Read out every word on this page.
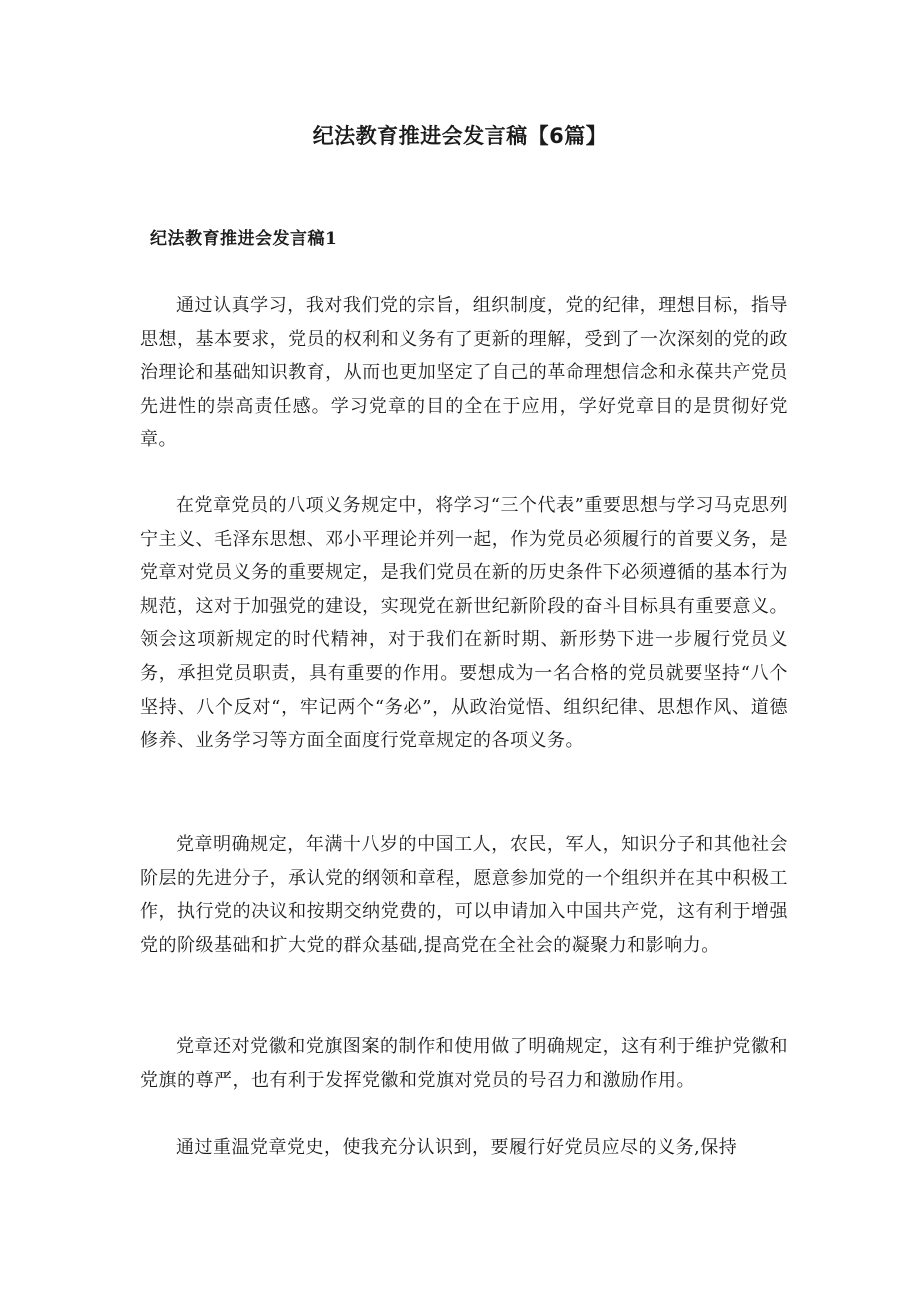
纪法教育推进会发言稿【6篇】
纪法教育推进会发言稿1

通过认真学习，我对我们党的宗旨，组织制度，党的纪律，理想目标，指导思想，基本要求，党员的权利和义务有了更新的理解，受到了一次深刻的党的政治理论和基础知识教育，从而也更加坚定了自己的革命理想信念和永葆共产党员先进性的崇高责任感。学习党章的目的全在于应用，学好党章目的是贯彻好党章。

在党章党员的八项义务规定中，将学习“三个代表”重要思想与学习马克思列宁主义、毛泽东思想、邓小平理论并列一起，作为党员必须履行的首要义务，是党章对党员义务的重要规定，是我们党员在新的历史条件下必须遵循的基本行为规范，这对于加强党的建设，实现党在新世纪新阶段的奋斗目标具有重要意义。领会这项新规定的时代精神，对于我们在新时期、新形势下进一步履行党员义务，承担党员职责，具有重要的作用。要想成为一名合格的党员就要坚持“八个坚持、八个反对“，牢记两个“务必”，从政治觉悟、组织纪律、思想作风、道德修养、业务学习等方面全面度行党章规定的各项义务。

党章明确规定，年满十八岁的中国工人，农民，军人，知识分子和其他社会阶层的先进分子，承认党的纲领和章程，愿意参加党的一个组织并在其中积极工作，执行党的决议和按期交纳党费的，可以申请加入中国共产党，这有利于增强党的阶级基础和扩大党的群众基础,提高党在全社会的凝聚力和影响力。

党章还对党徽和党旗图案的制作和使用做了明确规定，这有利于维护党徽和党旗的尊严，也有利于发挥党徽和党旗对党员的号召力和激励作用。

通过重温党章党史，使我充分认识到，要履行好党员应尽的义务,保持
